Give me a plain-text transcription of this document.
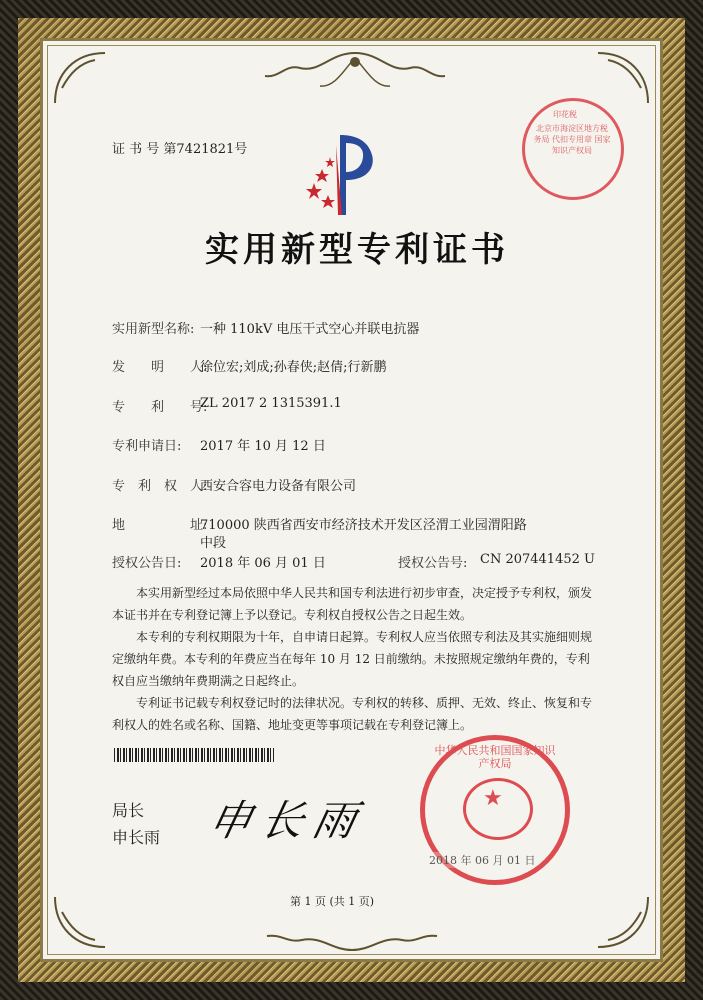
证 书 号 第7421821号
北京市海淀区地方税务局 代扣专用章 国家知识产权局
印花税
实用新型专利证书
实用新型名称: 一种 110kV 电压干式空心并联电抗器
发　　明　　人:
徐位宏;刘成;孙春侠;赵倩;行新鹏
专　　利　　号:
ZL 2017 2 1315391.1
专利申请日: 2017 年 10 月 12 日
专　利　权　人:
西安合容电力设备有限公司
地　　　　　址:
710000 陕西省西安市经济技术开发区泾渭工业园渭阳路
中段
授权公告日: 2018 年 06 月 01 日	授权公告号: CN 207441452 U
　　本实用新型经过本局依照中华人民共和国专利法进行初步审查，决定授予专利权，颁发本证书并在专利登记簿上予以登记。专利权自授权公告之日起生效。
　　本专利的专利权期限为十年，自申请日起算。专利权人应当依照专利法及其实施细则规定缴纳年费。本专利的年费应当在每年 10 月 12 日前缴纳。未按照规定缴纳年费的，专利权自应当缴纳年费期满之日起终止。
　　专利证书记载专利权登记时的法律状况。专利权的转移、质押、无效、终止、恢复和专利权人的姓名或名称、国籍、地址变更等事项记载在专利登记簿上。
局长
申长雨 申长雨	★
中华人民共和国国家知识产权局
2018 年 06 月 01 日
第 1 页 (共 1 页)
